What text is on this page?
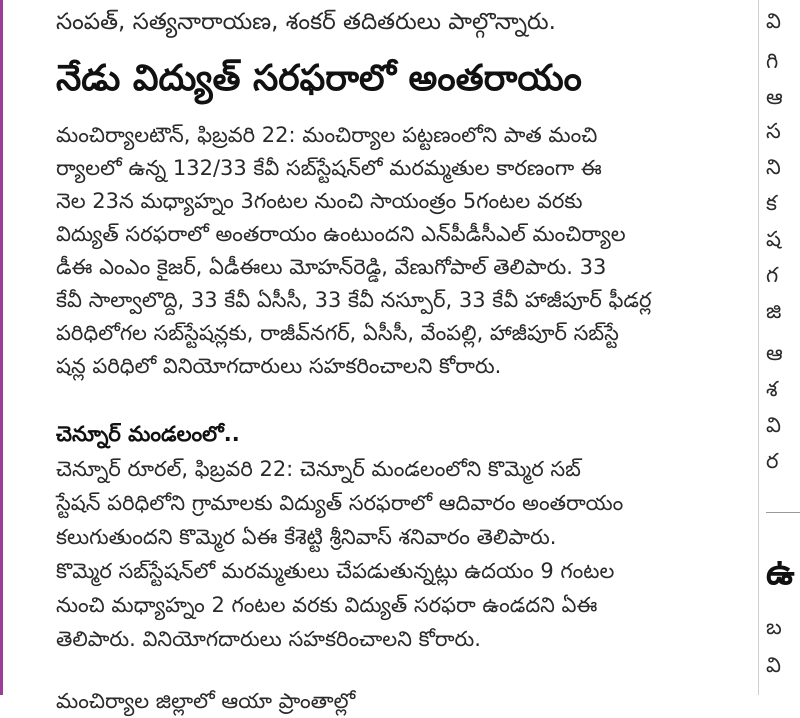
సంపత్, సత్యనారాయణ, శంకర్ తదితరులు పాల్గొన్నారు.
నేడు విద్యుత్ సరఫరాలో అంతరాయం
మంచిర్యాలటౌన్, ఫిబ్రవరి 22: మంచిర్యాల పట్టణంలోని పాత మంచి
ర్యాలలో ఉన్న 132/33 కేవీ సబ్‌స్టేషన్‌లో మరమ్మతుల కారణంగా ఈ
నెల 23న మధ్యాహ్నం 3గంటల నుంచి సాయంత్రం 5గంటల వరకు
విద్యుత్ సరఫరాలో అంతరాయం ఉంటుందని ఎన్‌పీడీసీఎల్ మంచిర్యాల
డీఈ ఎంఎం కైజర్, ఏడీఈలు మోహన్‌రెడ్డి, వేణుగోపాల్ తెలిపారు. 33
కేవీ సాల్వాలొద్ది, 33 కేవీ ఏసీసీ, 33 కేవీ నస్పూర్, 33 కేవీ హాజీపూర్ ఫీడర్ల
పరిధిలోగల సబ్‌స్టేషన్లకు, రాజీవ్‌నగర్, ఏసీసీ, వేంపల్లి, హాజీపూర్ సబ్‌స్టే
షన్ల పరిధిలో వినియోగదారులు సహకరించాలని కోరారు.
చెన్నూర్ మండలంలో..
చెన్నూర్ రూరల్, ఫిబ్రవరి 22: చెన్నూర్ మండలంలోని కొమ్మెర సబ్
స్టేషన్ పరిధిలోని గ్రామాలకు విద్యుత్ సరఫరాలో ఆదివారం అంతరాయం
కలుగుతుందని కొమ్మెర ఏఈ కేశెట్టి శ్రీనివాస్ శనివారం తెలిపారు.
కొమ్మెర సబ్‌స్టేషన్‌లో మరమ్మతులు చేపడుతున్నట్లు ఉదయం 9 గంటల
నుంచి మధ్యాహ్నం 2 గంటల వరకు విద్యుత్ సరఫరా ఉండదని ఏఈ
తెలిపారు. వినియోగదారులు సహకరించాలని కోరారు.
మంచిర్యాల జిల్లాలో ఆయా ప్రాంతాల్లో
వి
గి
ఆ
స
ని
క
ష
గ
జి
ఆ
శ
వి
ర
ఉ
బ
వి
